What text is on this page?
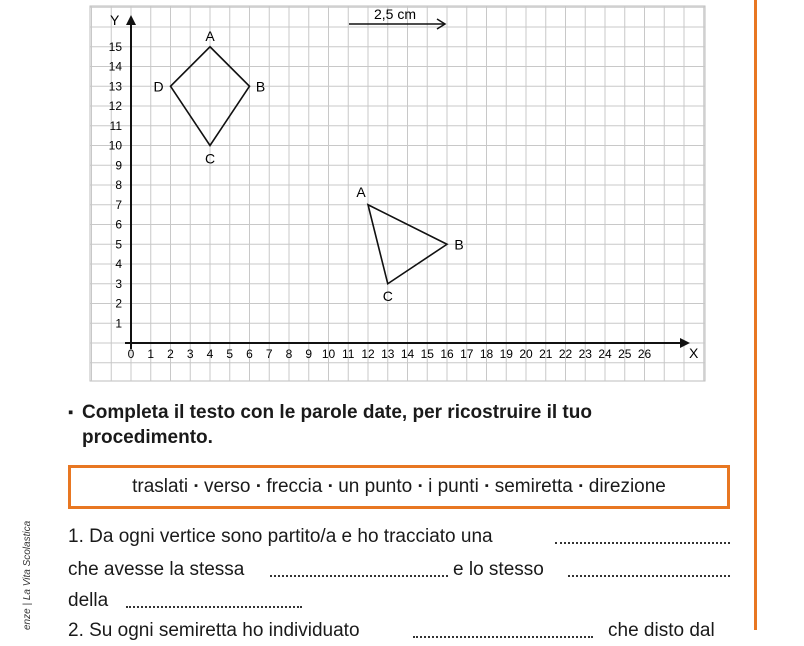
enze | La Vita Scolastica
X
Y	2,5 cm
0 1 2 3 4 5 6 7 8 9 10 11 12 13 14 15 16 17 18 19 20 21 22 23 24 25 26
1
2
3
4
5
6
7
8
9
10
11
12
13
14
15
A
B
C
D
A
B
C
▪ Completa il testo con le parole date, per ricostruire il tuo procedimento.
traslati ▪ verso ▪ freccia ▪ un punto ▪ i punti ▪ semiretta ▪ direzione
1. Da ogni vertice sono partito/a e ho tracciato una
che avesse la stessa	e lo stesso
della
2. Su ogni semiretta ho individuato	che disto dal
